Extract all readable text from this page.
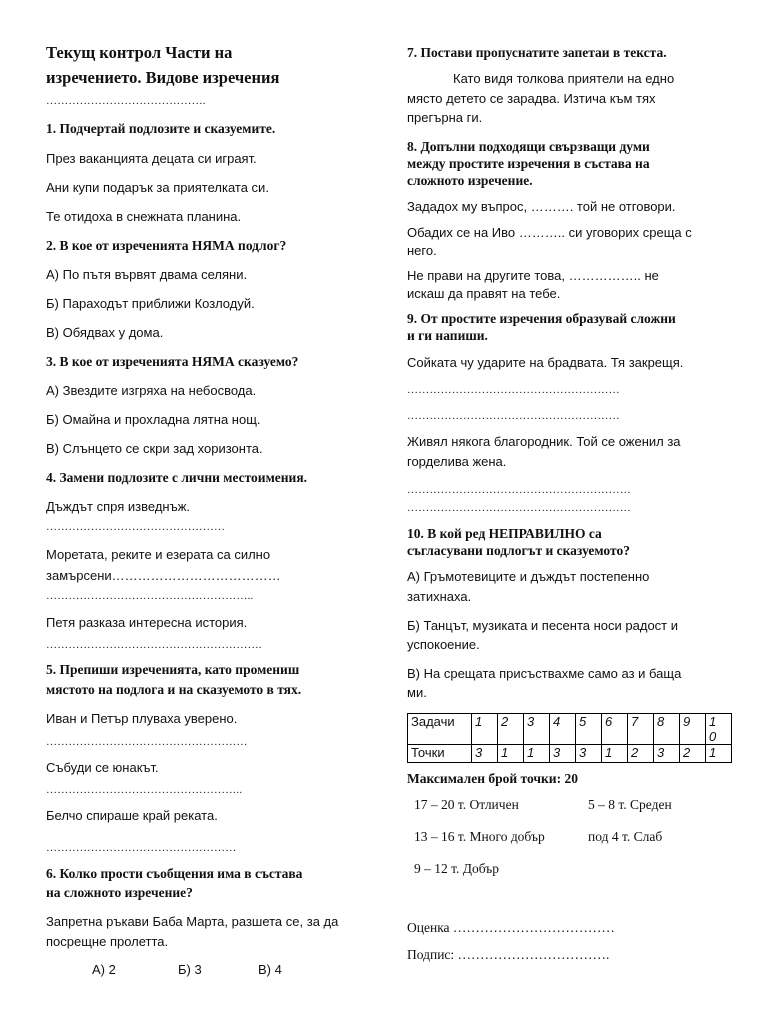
Текущ контрол Части на
изречението. Видове изречения
…………………………………….
1. Подчертай подлозите и сказуемите.
През ваканцията децата си играят.
Ани купи подарък за приятелката си.
Те отидоха в снежната планина.
2. В кое от изреченията НЯМА подлог?
А) По пътя вървят двама селяни.
Б) Параходът приближи Козлодуй.
В) Обядвах у дома.
3. В кое от изреченията НЯМА сказуемо?
А) Звездите изгряха на небосвода.
Б) Омайна и прохладна лятна нощ.
В) Слънцето се скри зад хоризонта.
4. Замени подлозите с лични местоимения.
Дъждът спря изведнъж.
…………………………………………
Моретата, реките и езерата са силно
замърсени…………………………………
………………………………………………..
Петя разказа интересна история.
………………………………………………….
5. Препиши изреченията, като промениш
мястото на подлога и на сказуемото в тях.
Иван и Петър плуваха уверено.
………………………………………………
Събуди се юнакът.
……………………………………………..
Белчо спираше край реката.
……………………………………………
6. Колко прости съобщения има в състава
на сложното изречение?
Запретна ръкави Баба Марта, разшета се, за да
посрещне пролетта.
А) 2	Б) 3	В) 4
7. Постави пропуснатите запетаи в текста.
Като видя толкова приятели на едно
място детето се зарадва. Изтича към тях
прегърна ги.
8. Допълни подходящи свързващи думи
между простите изречения в състава на
сложното изречение.
Зададох му въпрос, ………. той не отговори.
Обадих се на Иво ……….. си уговорих среща с
него.
Не прави на другите това, …………….. не
искаш да правят на тебе.
9. От простите изречения образувай сложни
и ги напиши.
Сойката чу ударите на брадвата. Тя закрещя.
…………………………………………………
…………………………………………………
Живял някога благородник. Той се оженил за
горделива жена.
……………………………………………………
……………………………………………………
10. В кой ред НЕПРАВИЛНО са
съгласувани подлогът и сказуемото?
А) Гръмотевиците и дъждът постепенно
затихнаха.
Б) Танцът, музиката и песента носи радост и
успокоение.
В) На срещата присъствахме само аз и баща
ми.
Задачи	1	2	3	4	5	6	7	8	9	1
0
Точки	3	1	1	3	3	1	2	3	2	1
Максимален брой точки: 20
17 – 20 т. Отличен	5 – 8 т. Среден
13 – 16 т. Много добър	под 4 т. Слаб
9 – 12 т. Добър
Оценка ………………………………
Подпис: …………………………….
